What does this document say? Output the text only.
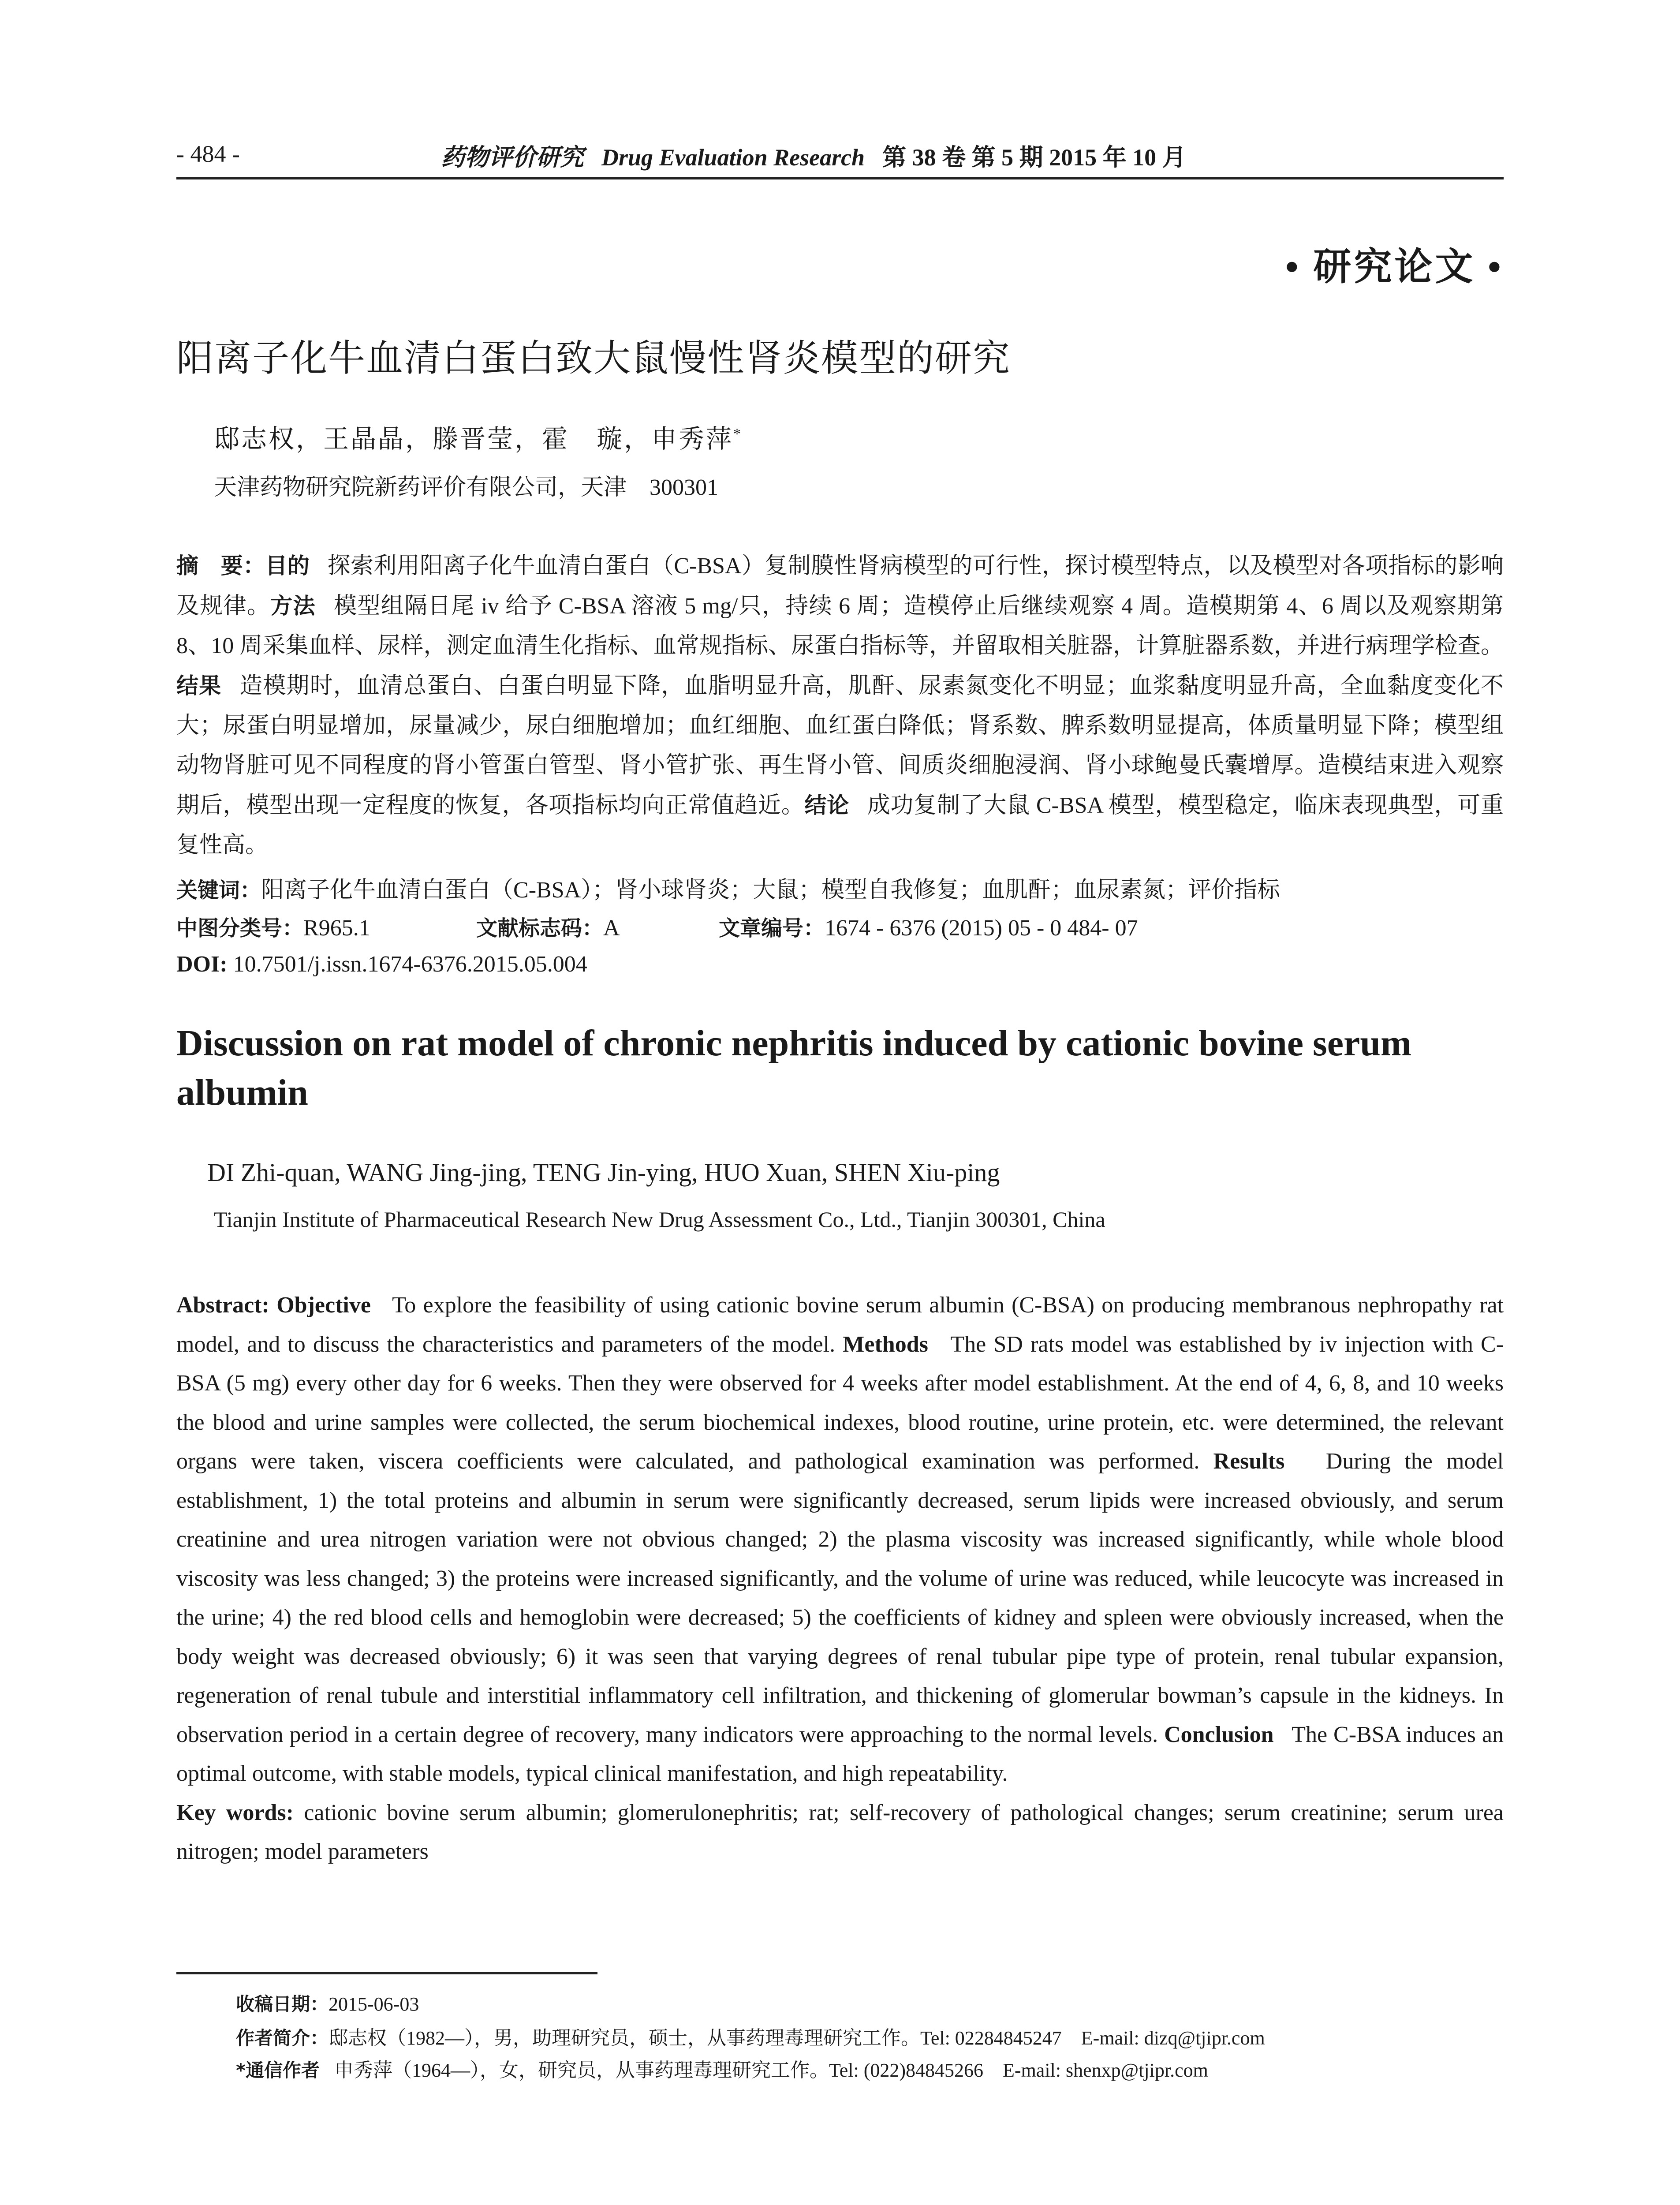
- 484 -	药物评价研究 Drug Evaluation Research 第 38 卷 第 5 期 2015 年 10 月
• 研究论文 •
阳离子化牛血清白蛋白致大鼠慢性肾炎模型的研究
邸志权，王晶晶，滕晋莹，霍　璇，申秀萍*
天津药物研究院新药评价有限公司，天津　300301
摘　要：目的 探索利用阳离子化牛血清白蛋白（C-BSA）复制膜性肾病模型的可行性，探讨模型特点，以及模型对各项指标的影响及规律。方法 模型组隔日尾 iv 给予 C-BSA 溶液 5 mg/只，持续 6 周；造模停止后继续观察 4 周。造模期第 4、6 周以及观察期第 8、10 周采集血样、尿样，测定血清生化指标、血常规指标、尿蛋白指标等，并留取相关脏器，计算脏器系数，并进行病理学检查。结果 造模期时，血清总蛋白、白蛋白明显下降，血脂明显升高，肌酐、尿素氮变化不明显；血浆黏度明显升高，全血黏度变化不大；尿蛋白明显增加，尿量减少，尿白细胞增加；血红细胞、血红蛋白降低；肾系数、脾系数明显提高，体质量明显下降；模型组动物肾脏可见不同程度的肾小管蛋白管型、肾小管扩张、再生肾小管、间质炎细胞浸润、肾小球鲍曼氏囊增厚。造模结束进入观察期后，模型出现一定程度的恢复，各项指标均向正常值趋近。结论 成功复制了大鼠 C-BSA 模型，模型稳定，临床表现典型，可重复性高。
关键词：阳离子化牛血清白蛋白（C-BSA）；肾小球肾炎；大鼠；模型自我修复；血肌酐；血尿素氮；评价指标
中图分类号：R965.1	文献标志码：A	文章编号：1674 - 6376 (2015) 05 - 0 484- 07
DOI: 10.7501/j.issn.1674-6376.2015.05.004
Discussion on rat model of chronic nephritis induced by cationic bovine serum albumin
DI Zhi-quan, WANG Jing-jing, TENG Jin-ying, HUO Xuan, SHEN Xiu-ping
Tianjin Institute of Pharmaceutical Research New Drug Assessment Co., Ltd., Tianjin 300301, China
Abstract: Objective To explore the feasibility of using cationic bovine serum albumin (C-BSA) on producing membranous nephropathy rat model, and to discuss the characteristics and parameters of the model. Methods The SD rats model was established by iv injection with C-BSA (5 mg) every other day for 6 weeks. Then they were observed for 4 weeks after model establishment. At the end of 4, 6, 8, and 10 weeks the blood and urine samples were collected, the serum biochemical indexes, blood routine, urine protein, etc. were determined, the relevant organs were taken, viscera coefficients were calculated, and pathological examination was performed. Results During the model establishment, 1) the total proteins and albumin in serum were significantly decreased, serum lipids were increased obviously, and serum creatinine and urea nitrogen variation were not obvious changed; 2) the plasma viscosity was increased significantly, while whole blood viscosity was less changed; 3) the proteins were increased significantly, and the volume of urine was reduced, while leucocyte was increased in the urine; 4) the red blood cells and hemoglobin were decreased; 5) the coefficients of kidney and spleen were obviously increased, when the body weight was decreased obviously; 6) it was seen that varying degrees of renal tubular pipe type of protein, renal tubular expansion, regeneration of renal tubule and interstitial inflammatory cell infiltration, and thickening of glomerular bowman’s capsule in the kidneys. In observation period in a certain degree of recovery, many indicators were approaching to the normal levels. Conclusion The C-BSA induces an optimal outcome, with stable models, typical clinical manifestation, and high repeatability.
Key words: cationic bovine serum albumin; glomerulonephritis; rat; self-recovery of pathological changes; serum creatinine; serum urea nitrogen; model parameters
收稿日期：2015-06-03
作者简介：邸志权（1982—），男，助理研究员，硕士，从事药理毒理研究工作。Tel: 02284845247　E-mail: dizq@tjipr.com
*通信作者 申秀萍（1964—），女，研究员，从事药理毒理研究工作。Tel: (022)84845266　E-mail: shenxp@tjipr.com
